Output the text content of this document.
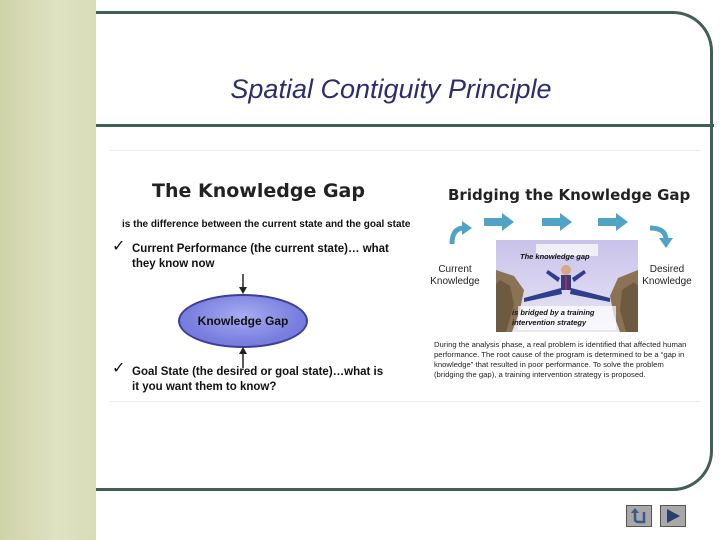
Spatial Contiguity Principle
The Knowledge Gap
is the difference between the current state and the goal state
✓ Current Performance (the current state)… what
they know now
Knowledge Gap
✓ Goal State (the desired or goal state)…what is
it you want them to know?
Bridging the Knowledge Gap
Current
Knowledge
Desired
Knowledge
The knowledge gap
is bridged by a training
intervention strategy
During the analysis phase, a real problem is identified that affected human performance. The root cause of the program is determined to be a “gap in knowledge” that resulted in poor performance. To solve the problem (bridging the gap), a training intervention strategy is proposed.
